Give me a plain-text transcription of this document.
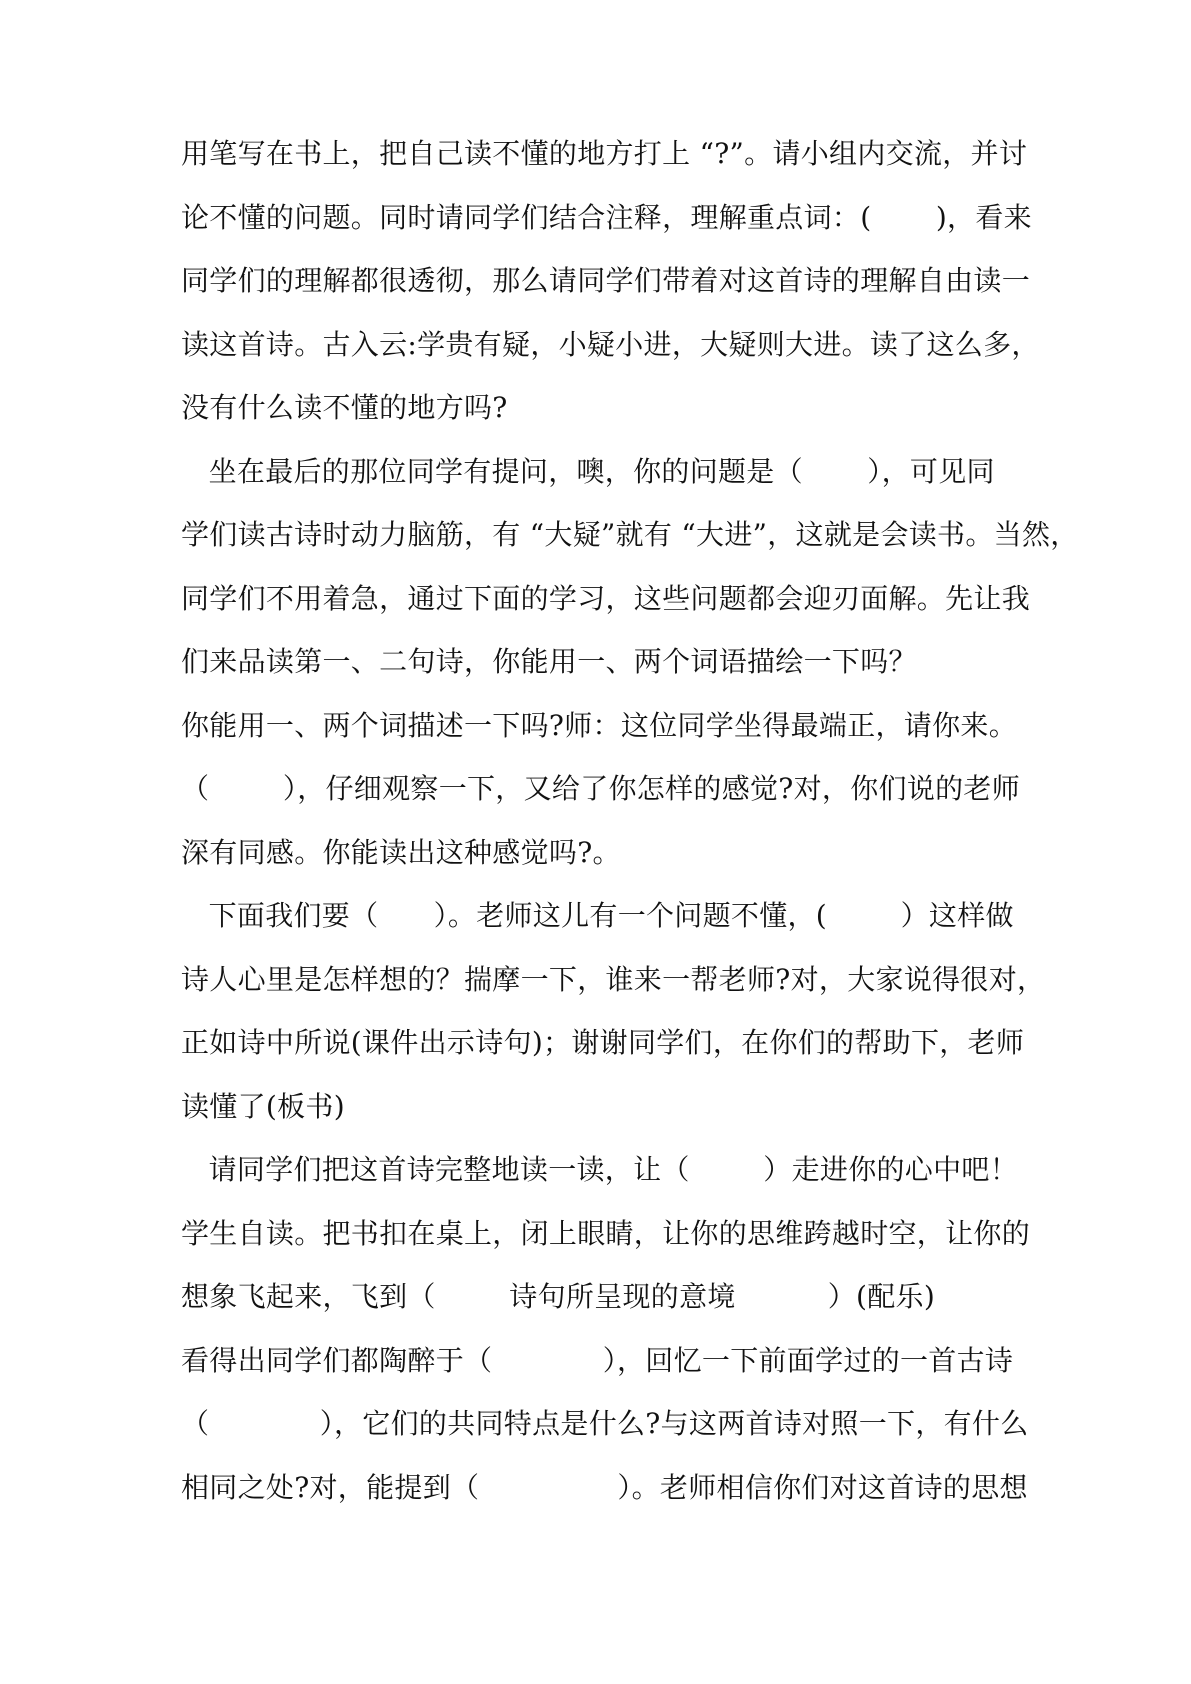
用笔写在书上，把自己读不懂的地方打上 “?”。请小组内交流，并讨
论不懂的问题。同时请同学们结合注释，理解重点词：(       )，看来
同学们的理解都很透彻，那么请同学们带着对这首诗的理解自由读一
读这首诗。古入云:学贵有疑，小疑小进，大疑则大进。读了这么多，
没有什么读不懂的地方吗?
坐在最后的那位同学有提问，噢，你的问题是（       ），可见同
学们读古诗时动力脑筋，有 “大疑”就有 “大进”，这就是会读书。当然，
同学们不用着急，通过下面的学习，这些问题都会迎刃面解。先让我
们来品读第一、二句诗，你能用一、两个词语描绘一下吗？
你能用一、两个词描述一下吗?师：这位同学坐得最端正，请你来。
（        ），仔细观察一下，又给了你怎样的感觉?对，你们说的老师
深有同感。你能读出这种感觉吗?。
下面我们要（      ）。老师这儿有一个问题不懂，(        ）这样做
诗人心里是怎样想的？揣摩一下，谁来一帮老师?对，大家说得很对，
正如诗中所说(课件出示诗句)；谢谢同学们，在你们的帮助下，老师
读懂了(板书)
请同学们把这首诗完整地读一读，让（        ）走进你的心中吧！
学生自读。把书扣在桌上，闭上眼睛，让你的思维跨越时空，让你的
想象飞起来，飞到（        诗句所呈现的意境          ）(配乐)
看得出同学们都陶醉于（            ），回忆一下前面学过的一首古诗
（            ），它们的共同特点是什么?与这两首诗对照一下，有什么
相同之处?对，能提到（               ）。老师相信你们对这首诗的思想
